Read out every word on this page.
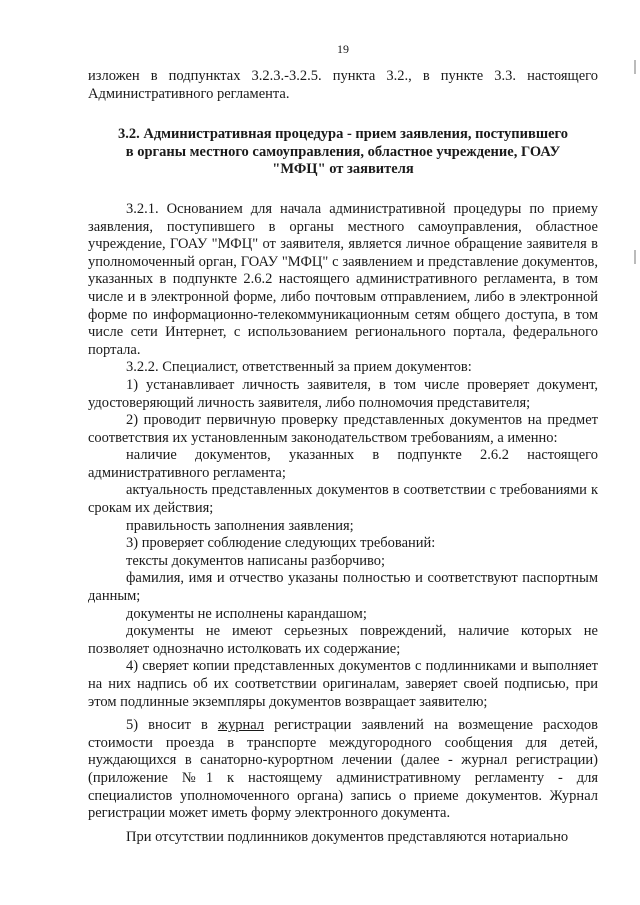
19

изложен в подпунктах 3.2.3.-3.2.5. пункта 3.2., в пункте 3.3. настоящего Административного регламента.

3.2. Административная процедура - прием заявления, поступившего в органы местного самоуправления, областное учреждение, ГОАУ "МФЦ" от заявителя

3.2.1. Основанием для начала административной процедуры по приему заявления, поступившего в органы местного самоуправления, областное учреждение, ГОАУ "МФЦ" от заявителя, является личное обращение заявителя в уполномоченный орган, ГОАУ "МФЦ" с заявлением и представление документов, указанных в подпункте 2.6.2 настоящего административного регламента, в том числе и в электронной форме, либо почтовым отправлением, либо в электронной форме по информационно-телекоммуникационным сетям общего доступа, в том числе сети Интернет, с использованием регионального портала, федерального портала.

3.2.2. Специалист, ответственный за прием документов:

1) устанавливает личность заявителя, в том числе проверяет документ, удостоверяющий личность заявителя, либо полномочия представителя;

2) проводит первичную проверку представленных документов на предмет соответствия их установленным законодательством требованиям, а именно:

наличие документов, указанных в подпункте 2.6.2 настоящего административного регламента;

актуальность представленных документов в соответствии с требованиями к срокам их действия;

правильность заполнения заявления;

3) проверяет соблюдение следующих требований:

тексты документов написаны разборчиво;

фамилия, имя и отчество указаны полностью и соответствуют паспортным данным;

документы не исполнены карандашом;

документы не имеют серьезных повреждений, наличие которых не позволяет однозначно истолковать их содержание;

4) сверяет копии представленных документов с подлинниками и выполняет на них надпись об их соответствии оригиналам, заверяет своей подписью, при этом подлинные экземпляры документов возвращает заявителю;

5) вносит в журнал регистрации заявлений на возмещение расходов стоимости проезда в транспорте междугородного сообщения для детей, нуждающихся в санаторно-курортном лечении (далее - журнал регистрации) (приложение №1 к настоящему административному регламенту - для специалистов уполномоченного органа) запись о приеме документов. Журнал регистрации может иметь форму электронного документа.

При отсутствии подлинников документов представляются нотариально
